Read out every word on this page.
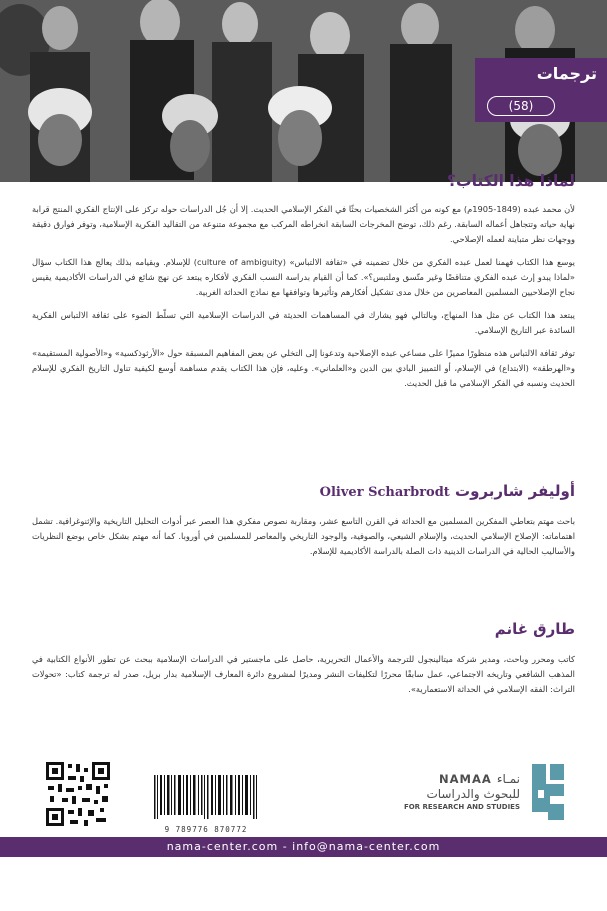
ترجمات
(58)
لماذا هذا الكتاب؟

لأن محمد عبده (1849-1905م) مع كونه من أكثر الشخصيات بحثًا في الفكر الإسلامي الحديث. إلا أن جُل الدراسات حوله تركز على الإنتاج الفكري المنتج قرابة نهاية حياته وتتجاهل أعماله السابقة. رغم ذلك، توضح المخرجات السابقة انخراطه المركب مع مجموعة متنوعة من التقاليد الفكرية الإسلامية، وتوفر فوارق دقيقة ووجهات نظر متباينة لعمله الإصلاحي.

يوسع هذا الكتاب فهمنا لعمل عبده الفكري من خلال تضمينه في «ثقافة الالتباس» (culture of ambiguity) للإسلام. وبقيامه بذلك يعالج هذا الكتاب سؤال «لماذا يبدو إرث عبده الفكري متناقضًا وغير متّسق وملتبس؟». كما أن القيام بدراسة النسب الفكري لأفكاره يبتعد عن نهج شائع في الدراسات الأكاديمية يقيس نجاح الإصلاحيين المسلمين المعاصرين من خلال مدى تشكيل أفكارهم وتأثيرها وتوافقها مع نماذج الحداثة الغربية.

يبتعد هذا الكتاب عن مثل هذا المنهاج، وبالتالي فهو يشارك في المساهمات الحديثة في الدراسات الإسلامية التي تسلّط الضوء على ثقافة الالتباس الفكرية السائدة عبر التاريخ الإسلامي.

توفر ثقافة الالتباس هذه منظورًا مميزًا على مساعي عبده الإصلاحية وتدعونا إلى التخلي عن بعض المفاهيم المسبقة حول «الأرثوذكسية» و«الأصولية المستقيمة» و«الهرطقة» (الابتداع) في الإسلام، أو التمييز البادي بين الدين و«العلماني». وعليه، فإن هذا الكتاب يقدم مساهمة أوسع لكيفية تناول التاريخ الفكري للإسلام الحديث ونسبه في الفكر الإسلامي ما قبل الحديث.

أوليفر شاربروت Oliver Scharbrodt

باحث مهتم بتعاطي المفكرين المسلمين مع الحداثة في القرن التاسع عشر، ومقاربة نصوص مفكري هذا العصر عبر أدوات التحليل التاريخية والإثنوغرافية. تشمل اهتماماته: الإصلاح الإسلامي الحديث، والإسلام الشيعي، والصوفية، والوجود التاريخي والمعاصر للمسلمين في أوروبا. كما أنه مهتم بشكل خاص بوضع النظريات والأساليب الحالية في الدراسات الدينية ذات الصلة بالدراسة الأكاديمية للإسلام.

طارق غانم

كاتب ومحرر وباحث، ومدير شركة ميتالينجول للترجمة والأعمال التحريرية، حاصل على ماجستير في الدراسات الإسلامية ببحث عن تطور الأنواع الكتابية في المذهب الشافعي وتاريخه الاجتماعي، عمل سابقًا محررًا لتكليفات النشر ومديرًا لمشروع دائرة المعارف الإسلامية بدار بريل، صدر له ترجمة كتاب: «تحولات التراث: الفقه الإسلامي في الحداثة الاستعمارية».

9 789776 870772
NAMAA نمـاء
للبحوث والدراسات
FOR RESEARCH AND STUDIES
nama-center.com - info@nama-center.com
